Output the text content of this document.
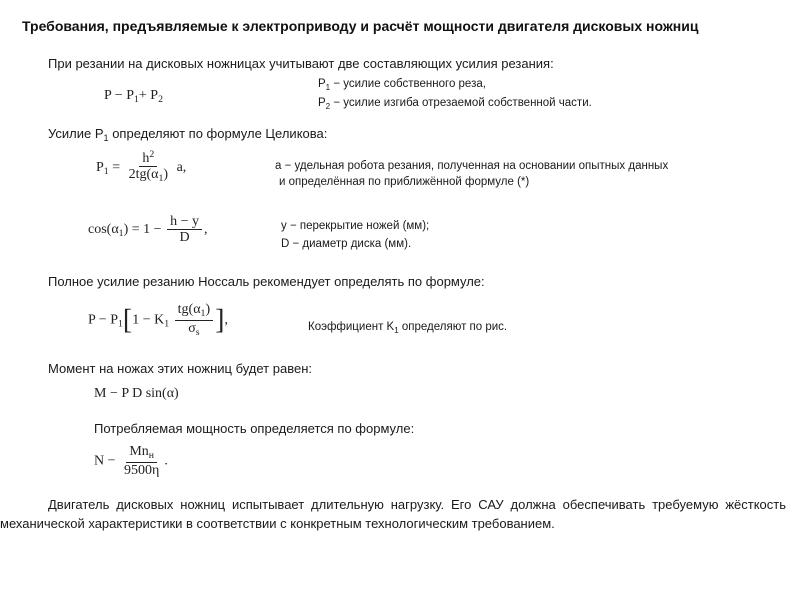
Требования, предъявляемые к электроприводу и расчёт мощности двигателя дисковых ножниц
При резании на дисковых ножницах учитывают две составляющих усилия резания:
$P - P_1+ P_2$
$P_1$ − усилие собственного реза,
$P_2$ − усилие изгиба отрезаемой собственной части.
Усилие $P_1$ определяют по формуле Целикова:
$P_1 = \frac{h^2}{2tg(\alpha_1)} a$,	a − удельная робота резания, полученная на основании опытных данных
и определённая по приближённой формуле (*)
$\cos(\alpha_1) = 1 - \frac{h - y}{D}$ ,	y − перекрытие ножей (мм);
D − диаметр диска (мм).
Полное усилие резанию Носсаль рекомендует определять по формуле:
$P - P_1[1 - K_1 \frac{tg(\alpha_1)}{\sigma_s}$ ],	Коэффициент $K_1$ определяют по рис.
Момент на ножах этих ножниц будет равен:
M − P D sin(α)
Потребляемая мощность определяется по формуле:
$N - \frac{Mn_н}{9500\eta}$ .
Двигатель дисковых ножниц испытывает длительную нагрузку. Его САУ должна обеспечивать требуемую жёсткость механической характеристики в соответствии с конкретным технологическим требованием.
